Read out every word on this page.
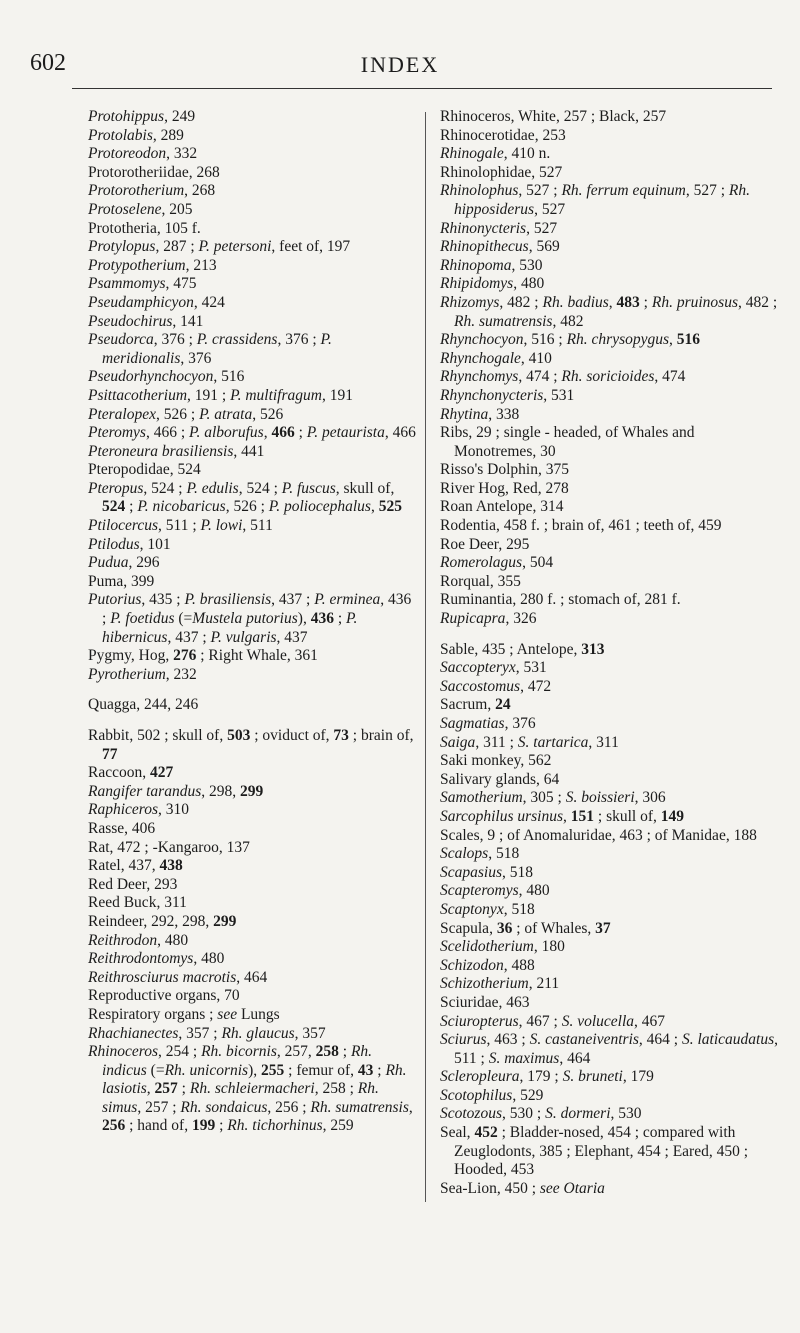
602	INDEX
Protohippus, 249
Protolabis, 289
Protoreodon, 332
Protorotheriidae, 268
Protorotherium, 268
Protoselene, 205
Prototheria, 105 f.
Protylopus, 287 ; P. petersoni, feet of, 197
Protypotherium, 213
Psammomys, 475
Pseudamphicyon, 424
Pseudochirus, 141
Pseudorca, 376 ; P. crassidens, 376 ; P. meridionalis, 376
Pseudorhynchocyon, 516
Psittacotherium, 191 ; P. multifragum, 191
Pteralopex, 526 ; P. atrata, 526
Pteromys, 466 ; P. alborufus, 466 ; P. petaurista, 466
Pteroneura brasiliensis, 441
Pteropodidae, 524
Pteropus, 524 ; P. edulis, 524 ; P. fuscus, skull of, 524 ; P. nicobaricus, 526 ; P. poliocephalus, 525
Ptilocercus, 511 ; P. lowi, 511
Ptilodus, 101
Pudua, 296
Puma, 399
Putorius, 435 ; P. brasiliensis, 437 ; P. erminea, 436 ; P. foetidus (=Mustela putorius), 436 ; P. hibernicus, 437 ; P. vulgaris, 437
Pygmy, Hog, 276 ; Right Whale, 361
Pyrotherium, 232
Quagga, 244, 246
Rabbit, 502 ; skull of, 503 ; oviduct of, 73 ; brain of, 77
Raccoon, 427
Rangifer tarandus, 298, 299
Raphiceros, 310
Rasse, 406
Rat, 472 ; -Kangaroo, 137
Ratel, 437, 438
Red Deer, 293
Reed Buck, 311
Reindeer, 292, 298, 299
Reithrodon, 480
Reithrodontomys, 480
Reithrosciurus macrotis, 464
Reproductive organs, 70
Respiratory organs ; see Lungs
Rhachianectes, 357 ; Rh. glaucus, 357
Rhinoceros, 254 ; Rh. bicornis, 257, 258 ; Rh. indicus (=Rh. unicornis), 255 ; femur of, 43 ; Rh. lasiotis, 257 ; Rh. schleiermacheri, 258 ; Rh. simus, 257 ; Rh. sondaicus, 256 ; Rh. sumatrensis, 256 ; hand of, 199 ; Rh. tichorhinus, 259
Rhinoceros, White, 257 ; Black, 257
Rhinocerotidae, 253
Rhinogale, 410 n.
Rhinolophidae, 527
Rhinolophus, 527 ; Rh. ferrum equinum, 527 ; Rh. hipposiderus, 527
Rhinonycteris, 527
Rhinopithecus, 569
Rhinopoma, 530
Rhipidomys, 480
Rhizomys, 482 ; Rh. badius, 483 ; Rh. pruinosus, 482 ; Rh. sumatrensis, 482
Rhynchocyon, 516 ; Rh. chrysopygus, 516
Rhynchogale, 410
Rhynchomys, 474 ; Rh. soricioides, 474
Rhynchonycteris, 531
Rhytina, 338
Ribs, 29 ; single - headed, of Whales and Monotremes, 30
Risso's Dolphin, 375
River Hog, Red, 278
Roan Antelope, 314
Rodentia, 458 f. ; brain of, 461 ; teeth of, 459
Roe Deer, 295
Romerolagus, 504
Rorqual, 355
Ruminantia, 280 f. ; stomach of, 281 f.
Rupicapra, 326
Sable, 435 ; Antelope, 313
Saccopteryx, 531
Saccostomus, 472
Sacrum, 24
Sagmatias, 376
Saiga, 311 ; S. tartarica, 311
Saki monkey, 562
Salivary glands, 64
Samotherium, 305 ; S. boissieri, 306
Sarcophilus ursinus, 151 ; skull of, 149
Scales, 9 ; of Anomaluridae, 463 ; of Manidae, 188
Scalops, 518
Scapasius, 518
Scapteromys, 480
Scaptonyx, 518
Scapula, 36 ; of Whales, 37
Scelidotherium, 180
Schizodon, 488
Schizotherium, 211
Sciuridae, 463
Sciuropterus, 467 ; S. volucella, 467
Sciurus, 463 ; S. castaneiventris, 464 ; S. laticaudatus, 511 ; S. maximus, 464
Scleropleura, 179 ; S. bruneti, 179
Scotophilus, 529
Scotozous, 530 ; S. dormeri, 530
Seal, 452 ; Bladder-nosed, 454 ; compared with Zeuglodonts, 385 ; Elephant, 454 ; Eared, 450 ; Hooded, 453
Sea-Lion, 450 ; see Otaria
